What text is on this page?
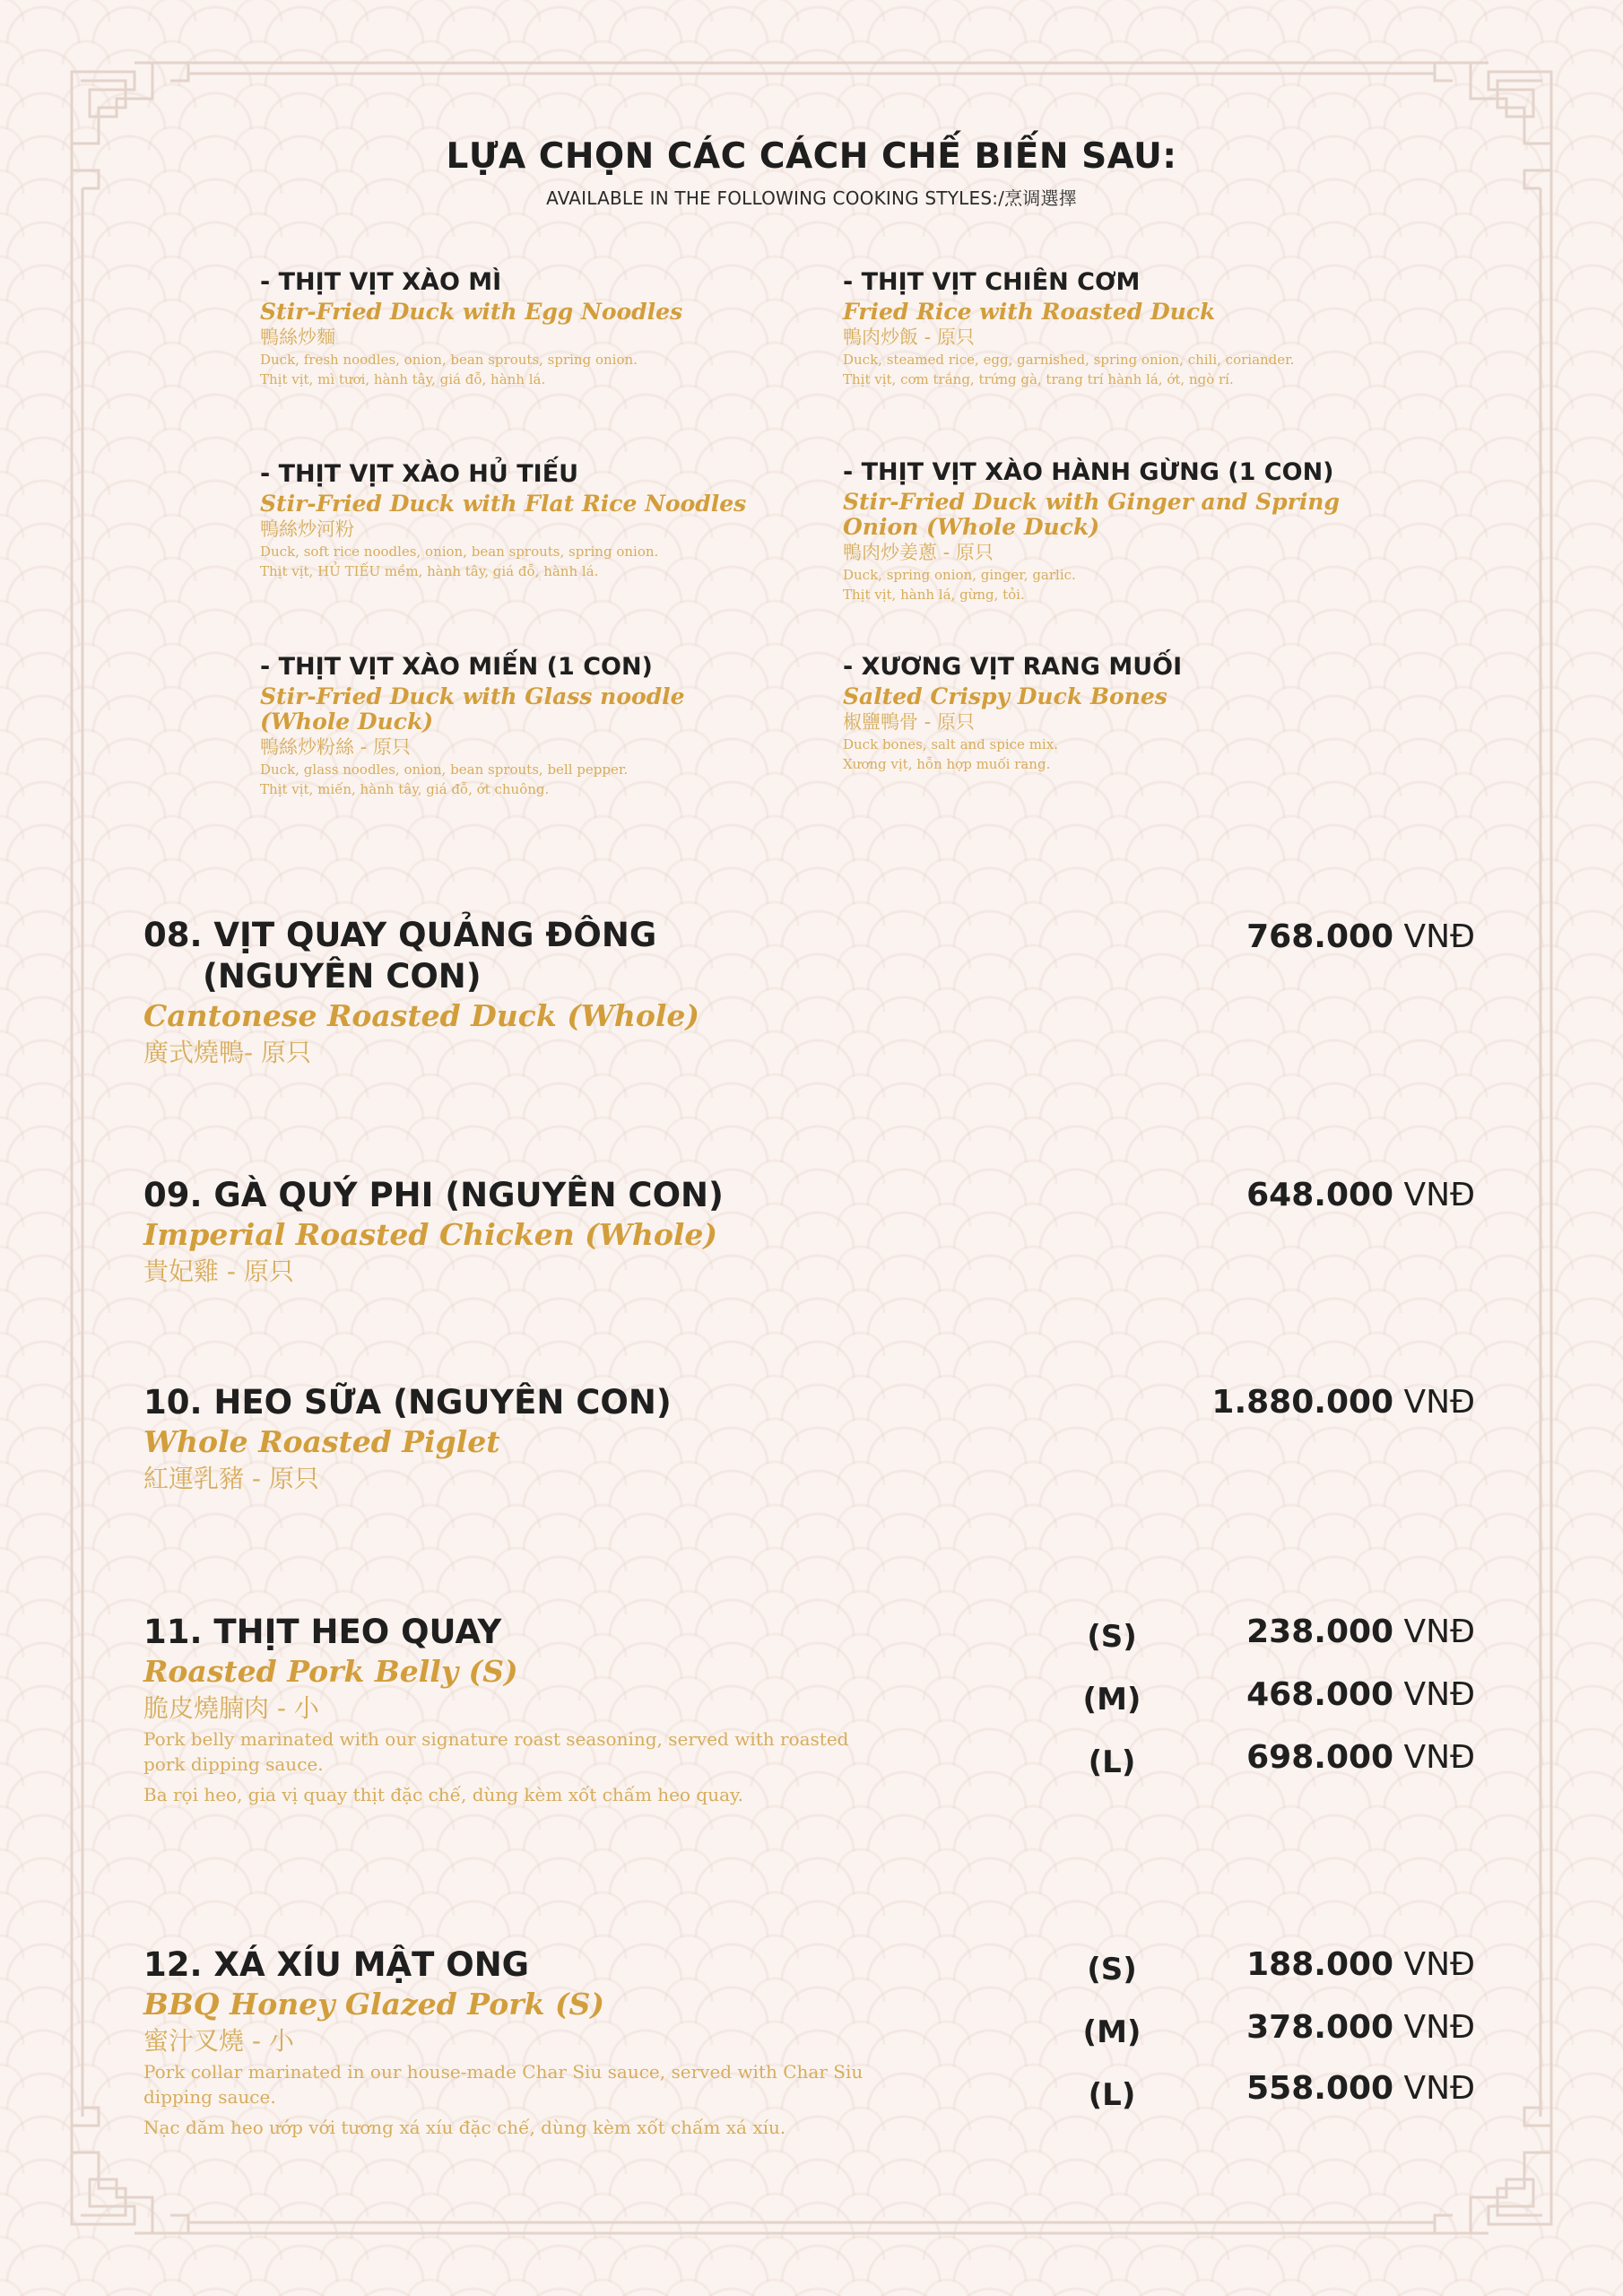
LỰA CHỌN CÁC CÁCH CHẾ BIẾN SAU:
AVAILABLE IN THE FOLLOWING COOKING STYLES:/烹调選擇
- THỊT VỊT XÀO MÌ
Stir-Fried Duck with Egg Noodles
鴨絲炒麵
Duck, fresh noodles, onion, bean sprouts, spring onion.
Thịt vịt, mì tươi, hành tây, giá đỗ, hành lá.
- THỊT VỊT CHIÊN CƠM
Fried Rice with Roasted Duck
鴨肉炒飯 - 原只
Duck, steamed rice, egg, garnished, spring onion, chili, coriander.
Thịt vịt, cơm trắng, trứng gà, trang trí hành lá, ớt, ngò rí.
- THỊT VỊT XÀO HỦ TIẾU
Stir-Fried Duck with Flat Rice Noodles
鴨絲炒河粉
Duck, soft rice noodles, onion, bean sprouts, spring onion.
Thịt vịt, HỦ TIẾU mềm, hành tây, giá đỗ, hành lá.
- THỊT VỊT XÀO HÀNH GỪNG (1 CON)
Stir-Fried Duck with Ginger and Spring Onion (Whole Duck)
鴨肉炒姜蔥 - 原只
Duck, spring onion, ginger, garlic.
Thịt vịt, hành lá, gừng, tỏi.
- THỊT VỊT XÀO MIẾN (1 CON)
Stir-Fried Duck with Glass noodle (Whole Duck)
鴨絲炒粉絲 - 原只
Duck, glass noodles, onion, bean sprouts, bell pepper.
Thịt vịt, miến, hành tây, giá đỗ, ớt chuông.
- XƯƠNG VỊT RANG MUỐI
Salted Crispy Duck Bones
椒鹽鴨骨 - 原只
Duck bones, salt and spice mix.
Xương vịt, hỗn hợp muối rang.
08. VỊT QUAY QUẢNG ĐÔNG
(NGUYÊN CON)
Cantonese Roasted Duck (Whole)
廣式燒鴨- 原只
768.000 VNĐ
09. GÀ QUÝ PHI (NGUYÊN CON)
Imperial Roasted Chicken (Whole)
貴妃雞 - 原只
648.000 VNĐ
10. HEO SỮA (NGUYÊN CON)
Whole Roasted Piglet
紅運乳豬 - 原只
1.880.000 VNĐ
11. THỊT HEO QUAY
Roasted Pork Belly (S)
脆皮燒腩肉 - 小
Pork belly marinated with our signature roast seasoning, served with roasted pork dipping sauce.
Ba rọi heo, gia vị quay thịt đặc chế, dùng kèm xốt chấm heo quay.
(S)
(M)
(L)
238.000 VNĐ
468.000 VNĐ
698.000 VNĐ
12. XÁ XÍU MẬT ONG
BBQ Honey Glazed Pork (S)
蜜汁叉燒 - 小
Pork collar marinated in our house-made Char Siu sauce, served with Char Siu dipping sauce.
Nạc dăm heo ướp với tương xá xíu đặc chế, dùng kèm xốt chấm xá xíu.
(S)
(M)
(L)
188.000 VNĐ
378.000 VNĐ
558.000 VNĐ
